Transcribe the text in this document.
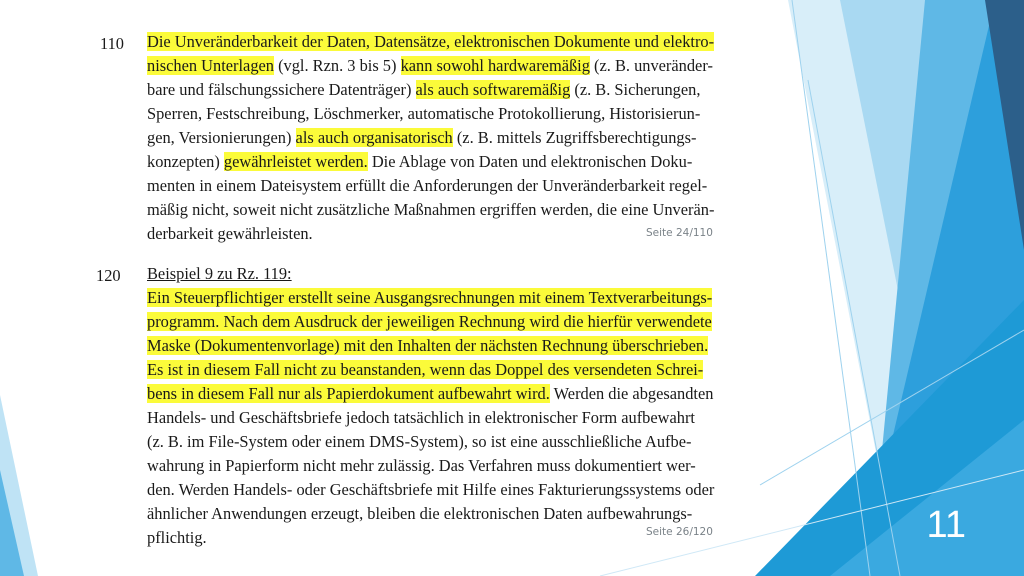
110 Die Unveränderbarkeit der Daten, Datensätze, elektronischen Dokumente und elektro-
nischen Unterlagen (vgl. Rzn. 3 bis 5) kann sowohl hardwaremäßig (z. B. unveränder-
bare und fälschungssichere Datenträger) als auch softwaremäßig (z. B. Sicherungen,
Sperren, Festschreibung, Löschmerker, automatische Protokollierung, Historisierun-
gen, Versionierungen) als auch organisatorisch (z. B. mittels Zugriffsberechtigungs-
konzepten) gewährleistet werden. Die Ablage von Daten und elektronischen Doku-
menten in einem Dateisystem erfüllt die Anforderungen der Unveränderbarkeit regel-
mäßig nicht, soweit nicht zusätzliche Maßnahmen ergriffen werden, die eine Unverän-
derbarkeit gewährleisten.	Seite 24/110
120 Beispiel 9 zu Rz. 119:
Ein Steuerpflichtiger erstellt seine Ausgangsrechnungen mit einem Textverarbeitungs-
programm. Nach dem Ausdruck der jeweiligen Rechnung wird die hierfür verwendete
Maske (Dokumentenvorlage) mit den Inhalten der nächsten Rechnung überschrieben.
Es ist in diesem Fall nicht zu beanstanden, wenn das Doppel des versendeten Schrei-
bens in diesem Fall nur als Papierdokument aufbewahrt wird. Werden die abgesandten
Handels- und Geschäftsbriefe jedoch tatsächlich in elektronischer Form aufbewahrt
(z. B. im File-System oder einem DMS-System), so ist eine ausschließliche Aufbe-
wahrung in Papierform nicht mehr zulässig. Das Verfahren muss dokumentiert wer-
den. Werden Handels- oder Geschäftsbriefe mit Hilfe eines Fakturierungssystems oder
ähnlicher Anwendungen erzeugt, bleiben die elektronischen Daten aufbewahrungs-
pflichtig.	Seite 26/120	11
